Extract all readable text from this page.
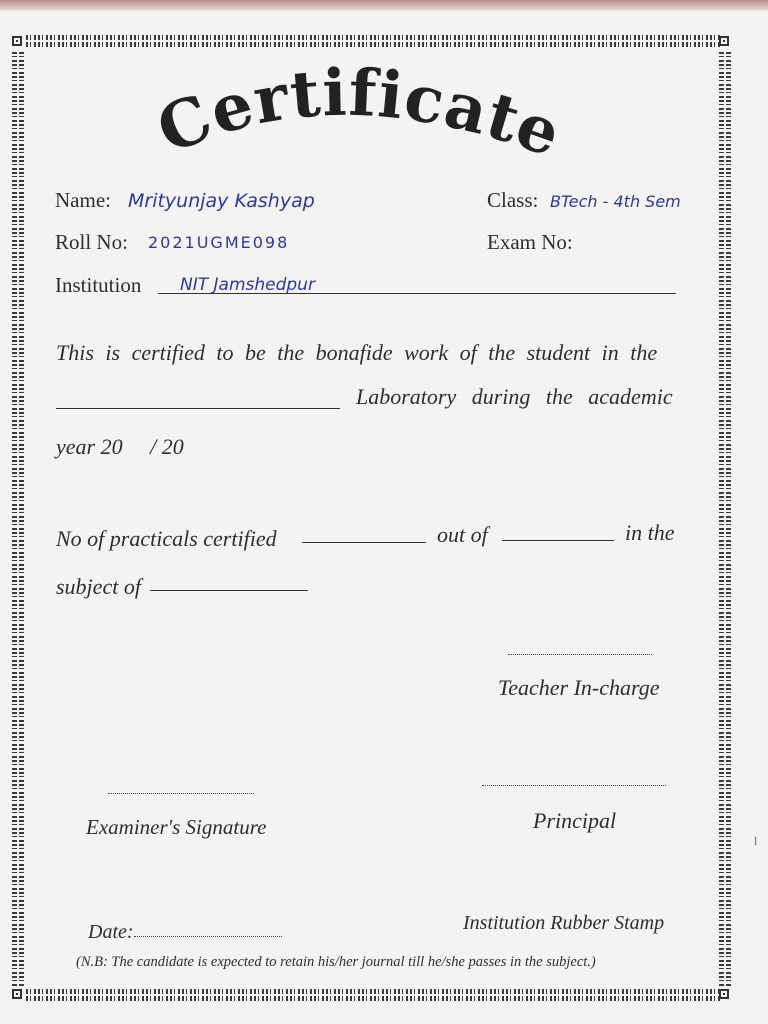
Certificate
Name: Mrityunjay Kashyap	Class: BTech - 4th Sem
Roll No: 2021UGME098	Exam No:
Institution NIT Jamshedpur
This is certified to be the bonafide work of the student in the
Laboratory during the academic
year 20     / 20
No of practicals certified	out of	in the
subject of
Teacher In-charge
Examiner's Signature	Principal
Date:	Institution Rubber Stamp
(N.B: The candidate is expected to retain his/her journal till he/she passes in the subject.)
l
